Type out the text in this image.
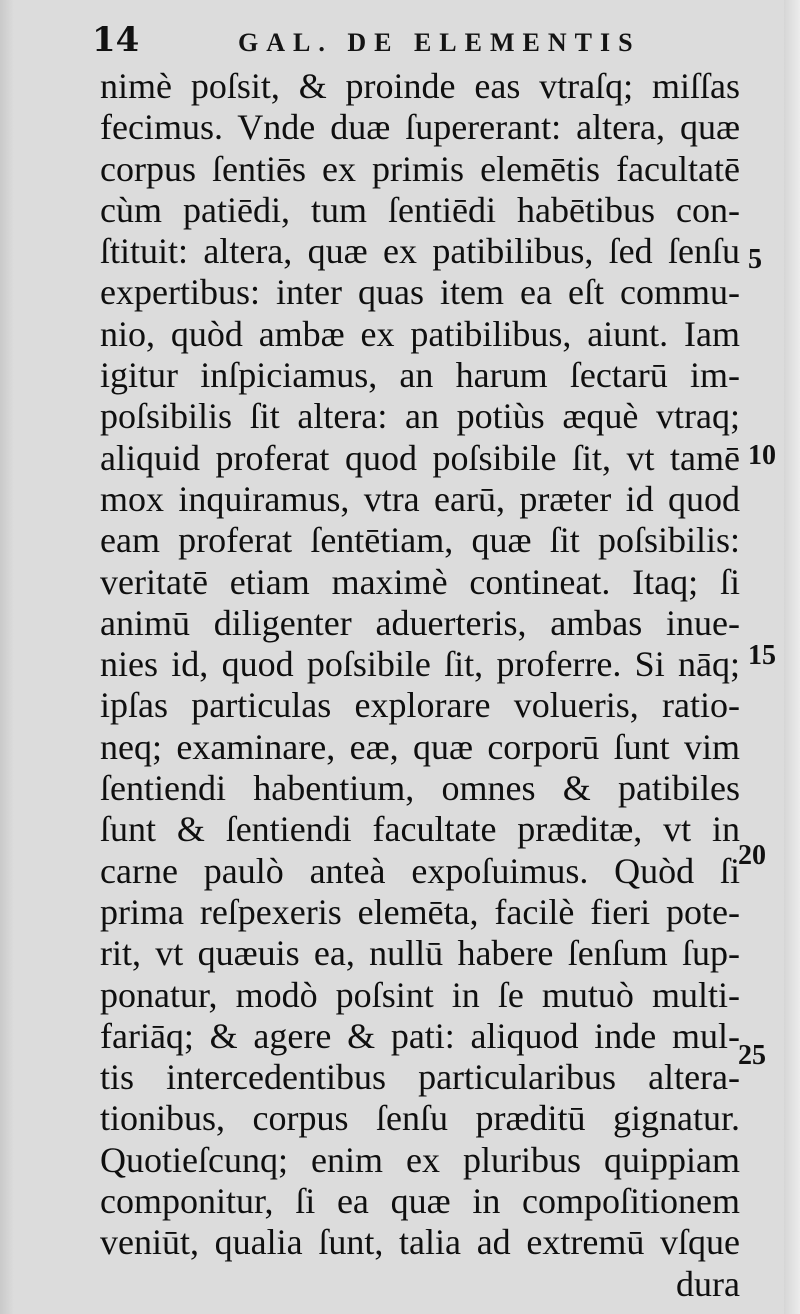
14	GAL. DE ELEMENTIS
nimè poſsit, & proinde eas vtraſq; miſſas
fecimus. Vnde duæ ſupererant: altera, quæ
corpus ſentiēs ex primis elemētis facultatē
cùm patiēdi, tum ſentiēdi habētibus con-
ſtituit: altera, quæ ex patibilibus, ſed ſenſu
expertibus: inter quas item ea eſt commu-
nio, quòd ambæ ex patibilibus, aiunt. Iam
igitur inſpiciamus, an harum ſectarū im-
poſsibilis ſit altera: an potiùs æquè vtraq;
aliquid proferat quod poſsibile ſit, vt tamē
mox inquiramus, vtra earū, præter id quod
eam proferat ſentētiam, quæ ſit poſsibilis:
veritatē etiam maximè contineat. Itaq; ſi
animū diligenter aduerteris, ambas inue-
nies id, quod poſsibile ſit, proferre. Si nāq;
ipſas particulas explorare volueris, ratio-
neq; examinare, eæ, quæ corporū ſunt vim
ſentiendi habentium, omnes & patibiles
ſunt & ſentiendi facultate præditæ, vt in
carne paulò anteà expoſuimus. Quòd ſi
prima reſpexeris elemēta, facilè fieri pote-
rit, vt quæuis ea, nullū habere ſenſum ſup-
ponatur, modò poſsint in ſe mutuò multi-
fariāq; & agere & pati: aliquod inde mul-
tis intercedentibus particularibus altera-
tionibus, corpus ſenſu præditū gignatur.
Quotieſcunq; enim ex pluribus quippiam
componitur, ſi ea quæ in compoſitionem
veniūt, qualia ſunt, talia ad extremū vſque
dura
5
10
15
20
25
